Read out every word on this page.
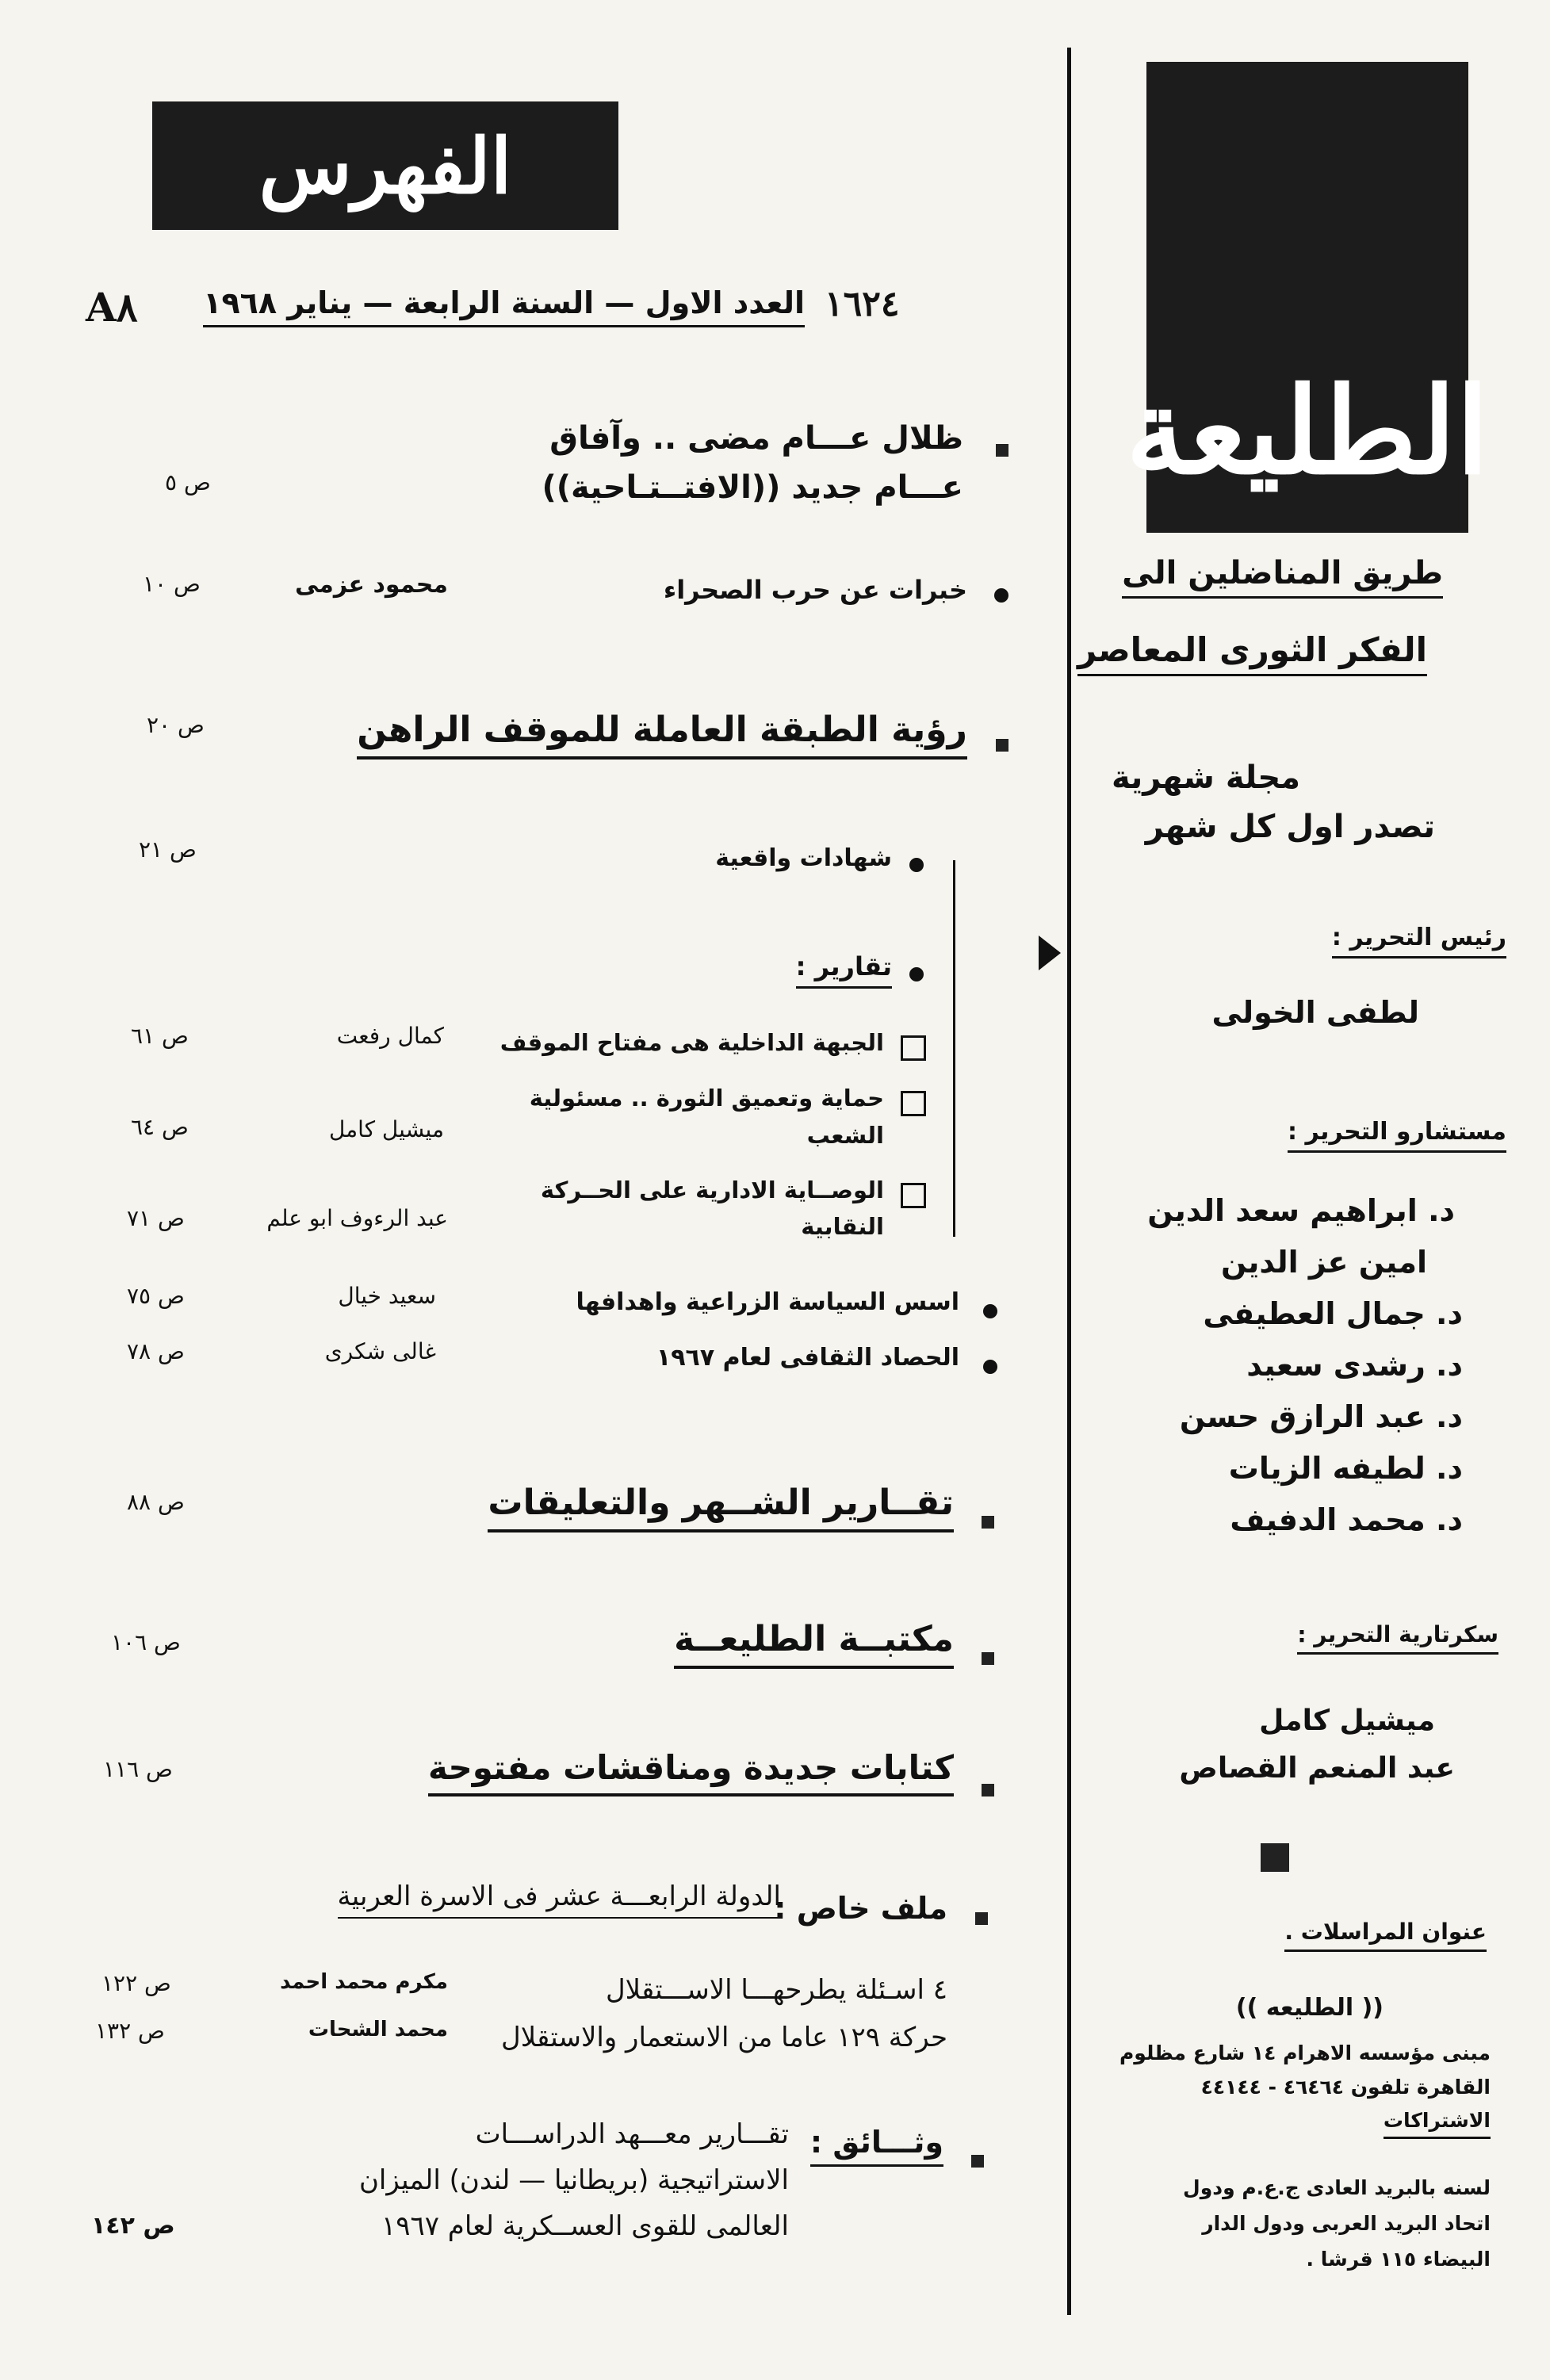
الطليعة
طريق المناضلين الى
الفكر الثورى المعاصر
مجلة شهرية
تصدر اول كل شهر
رئيس التحرير :
لطفى الخولى
مستشارو التحرير :
د. ابراهيم سعد الدين
امين عز الدين
د. جمال العطيفى
د. رشدى سعيد
د. عبد الرازق حسن
د. لطيفه الزيات
د. محمد الدفيف
سكرتارية التحرير :
ميشيل كامل
عبد المنعم القصاص
عنوان المراسلات .
(( الطليعه ))
مبنى مؤسسه الاهرام ١٤ شارع مظلوم
القاهرة تلفون ٤٦٤٦٤ - ٤٤١٤٤
الاشتراكات
لسنه بالبريد العادى ج.ع.م ودول
اتحاد البريد العربى ودول الدار
البيضاء ١١٥ قرشا .
الفهرس
العدد الاول — السنة الرابعة — يناير ١٩٦٨
A٨	١٦٢٤
ظلال عـــام مضى .. وآفاق
عـــام جديد ((الافتــتـاحية))
ص ٥
خبرات عن حرب الصحراء
محمود عزمى
ص ١٠
رؤية الطبقة العاملة للموقف الراهن
ص ٢٠
شهادات واقعية
ص ٢١
تقارير :
الجبهة الداخلية هى مفتاح الموقف
كمال رفعت
ص ٦١
حماية وتعميق الثورة .. مسئولية
الشعب
ميشيل كامل
ص ٦٤
الوصــاية الادارية على الحــركة
النقابية
عبد الرءوف ابو علم
ص ٧١
اسس السياسة الزراعية واهدافها
سعيد خيال
ص ٧٥
الحصاد الثقافى لعام ١٩٦٧
غالى شكرى
ص ٧٨
تقــارير الشــهر والتعليقات
ص ٨٨
مكتبــة الطليعــة
ص ١٠٦
كتابات جديدة ومناقشات مفتوحة
ص ١١٦
ملف خاص :
الدولة الرابعـــة عشر فى الاسرة العربية
٤ اسـئلة يطرحهـــا الاســـتقلال
مكرم محمد احمد
ص ١٢٢
حركة ١٢٩ عاما من الاستعمار والاستقلال
محمد الشحات
ص ١٣٢
وثـــائق :
تقـــارير معـــهد الدراســـات
الاستراتيجية (بريطانيا — لندن) الميزان
العالمى للقوى العســكرية لعام ١٩٦٧
ص ١٤٢
